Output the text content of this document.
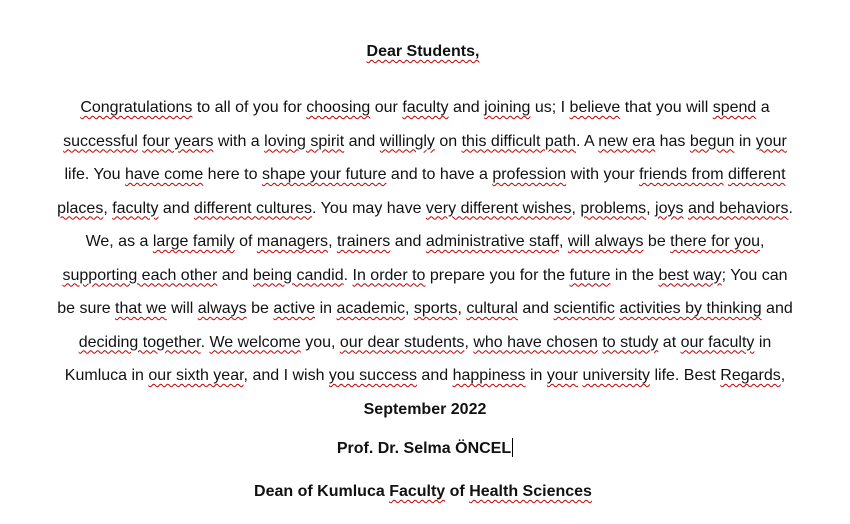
Dear Students,

Congratulations to all of you for choosing our faculty and joining us; I believe that you will spend a successful four years with a loving spirit and willingly on this difficult path. A new era has begun in your life. You have come here to shape your future and to have a profession with your friends from different places, faculty and different cultures. You may have very different wishes, problems, joys and behaviors. We, as a large family of managers, trainers and administrative staff, will always be there for you, supporting each other and being candid. In order to prepare you for the future in the best way; You can be sure that we will always be active in academic, sports, cultural and scientific activities by thinking and deciding together. We welcome you, our dear students, who have chosen to study at our faculty in Kumluca in our sixth year, and I wish you success and happiness in your university life. Best Regards, September 2022

Prof. Dr. Selma ÖNCEL
Dean of Kumluca Faculty of Health Sciences
